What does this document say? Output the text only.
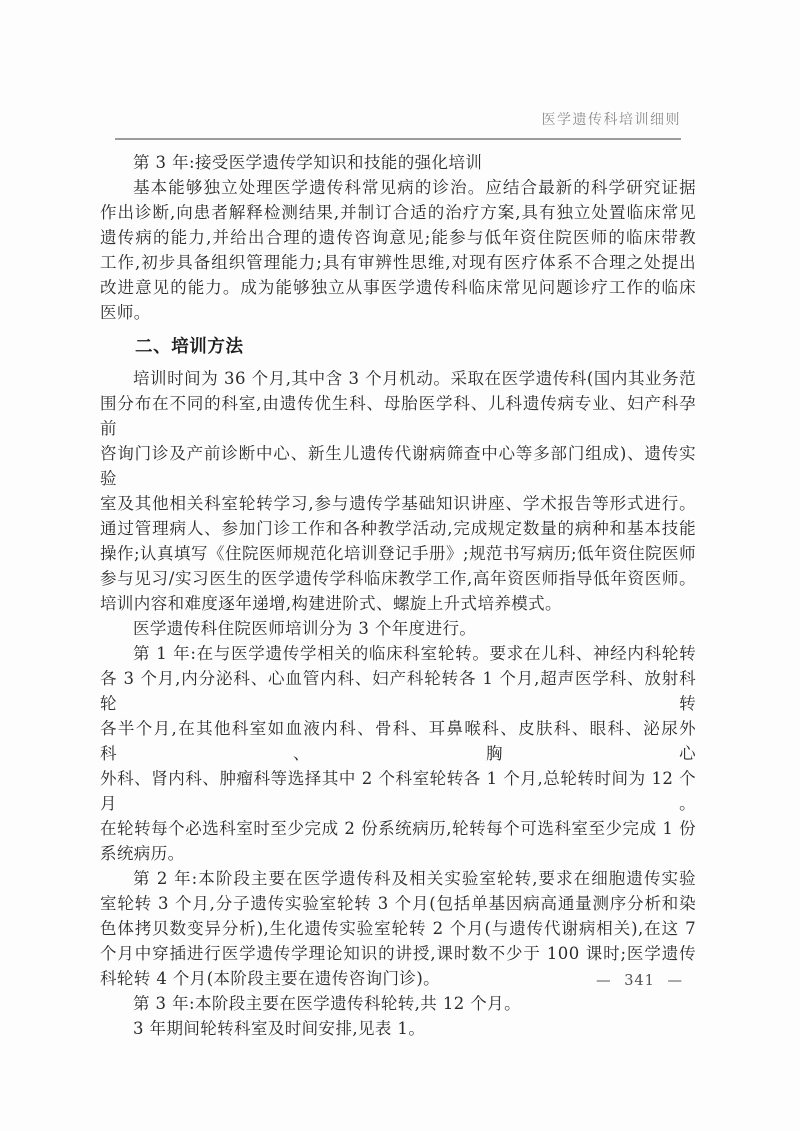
医学遗传科培训细则
第 3 年:接受医学遗传学知识和技能的强化培训
基本能够独立处理医学遗传科常见病的诊治。应结合最新的科学研究证据
作出诊断,向患者解释检测结果,并制订合适的治疗方案,具有独立处置临床常见
遗传病的能力,并给出合理的遗传咨询意见;能参与低年资住院医师的临床带教
工作,初步具备组织管理能力;具有审辨性思维,对现有医疗体系不合理之处提出
改进意见的能力。成为能够独立从事医学遗传科临床常见问题诊疗工作的临床
医师。
二、培训方法
培训时间为 36 个月,其中含 3 个月机动。采取在医学遗传科(国内其业务范
围分布在不同的科室,由遗传优生科、母胎医学科、儿科遗传病专业、妇产科孕前
咨询门诊及产前诊断中心、新生儿遗传代谢病筛查中心等多部门组成)、遗传实验
室及其他相关科室轮转学习,参与遗传学基础知识讲座、学术报告等形式进行。
通过管理病人、参加门诊工作和各种教学活动,完成规定数量的病种和基本技能
操作;认真填写《住院医师规范化培训登记手册》;规范书写病历;低年资住院医师
参与见习/实习医生的医学遗传学科临床教学工作,高年资医师指导低年资医师。
培训内容和难度逐年递增,构建进阶式、螺旋上升式培养模式。
医学遗传科住院医师培训分为 3 个年度进行。
第 1 年:在与医学遗传学相关的临床科室轮转。要求在儿科、神经内科轮转
各 3 个月,内分泌科、心血管内科、妇产科轮转各 1 个月,超声医学科、放射科轮转
各半个月,在其他科室如血液内科、骨科、耳鼻喉科、皮肤科、眼科、泌尿外科、胸心
外科、肾内科、肿瘤科等选择其中 2 个科室轮转各 1 个月,总轮转时间为 12 个月。
在轮转每个必选科室时至少完成 2 份系统病历,轮转每个可选科室至少完成 1 份
系统病历。
第 2 年:本阶段主要在医学遗传科及相关实验室轮转,要求在细胞遗传实验
室轮转 3 个月,分子遗传实验室轮转 3 个月(包括单基因病高通量测序分析和染
色体拷贝数变异分析),生化遗传实验室轮转 2 个月(与遗传代谢病相关),在这 7
个月中穿插进行医学遗传学理论知识的讲授,课时数不少于 100 课时;医学遗传
科轮转 4 个月(本阶段主要在遗传咨询门诊)。
第 3 年:本阶段主要在医学遗传科轮转,共 12 个月。
3 年期间轮转科室及时间安排,见表 1。
— 341 —
